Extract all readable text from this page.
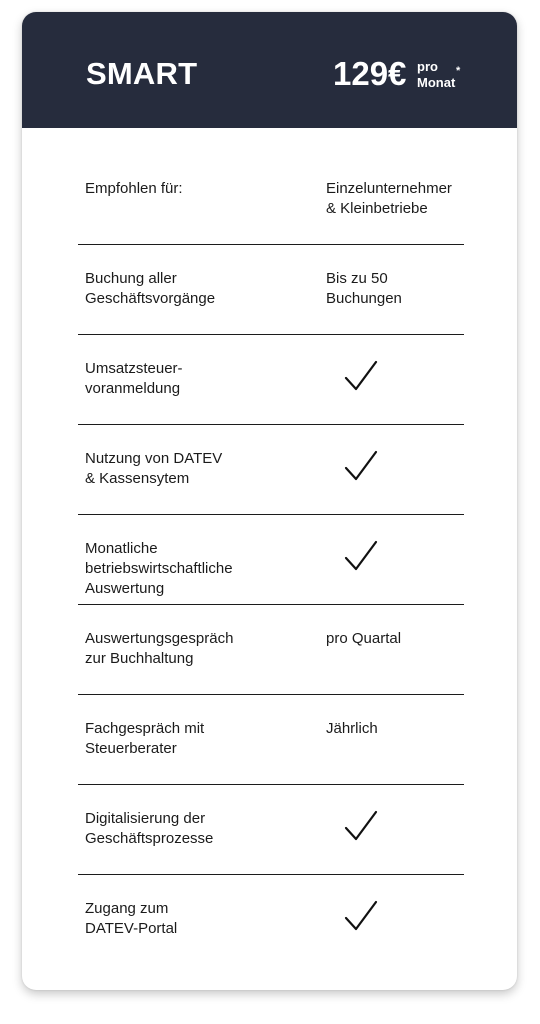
SMART	129€ pro
Monat
*
Empfohlen für:	Einzelunternehmer
& Kleinbetriebe
Buchung aller
Geschäftsvorgänge
Bis zu 50
Buchungen
Umsatzsteuer-
voranmeldung
Nutzung von DATEV
& Kassensytem
Monatliche
betriebswirtschaftliche
Auswertung
Auswertungsgespräch
zur Buchhaltung
pro Quartal
Fachgespräch mit
Steuerberater
Jährlich
Digitalisierung der
Geschäftsprozesse
Zugang zum
DATEV-Portal
